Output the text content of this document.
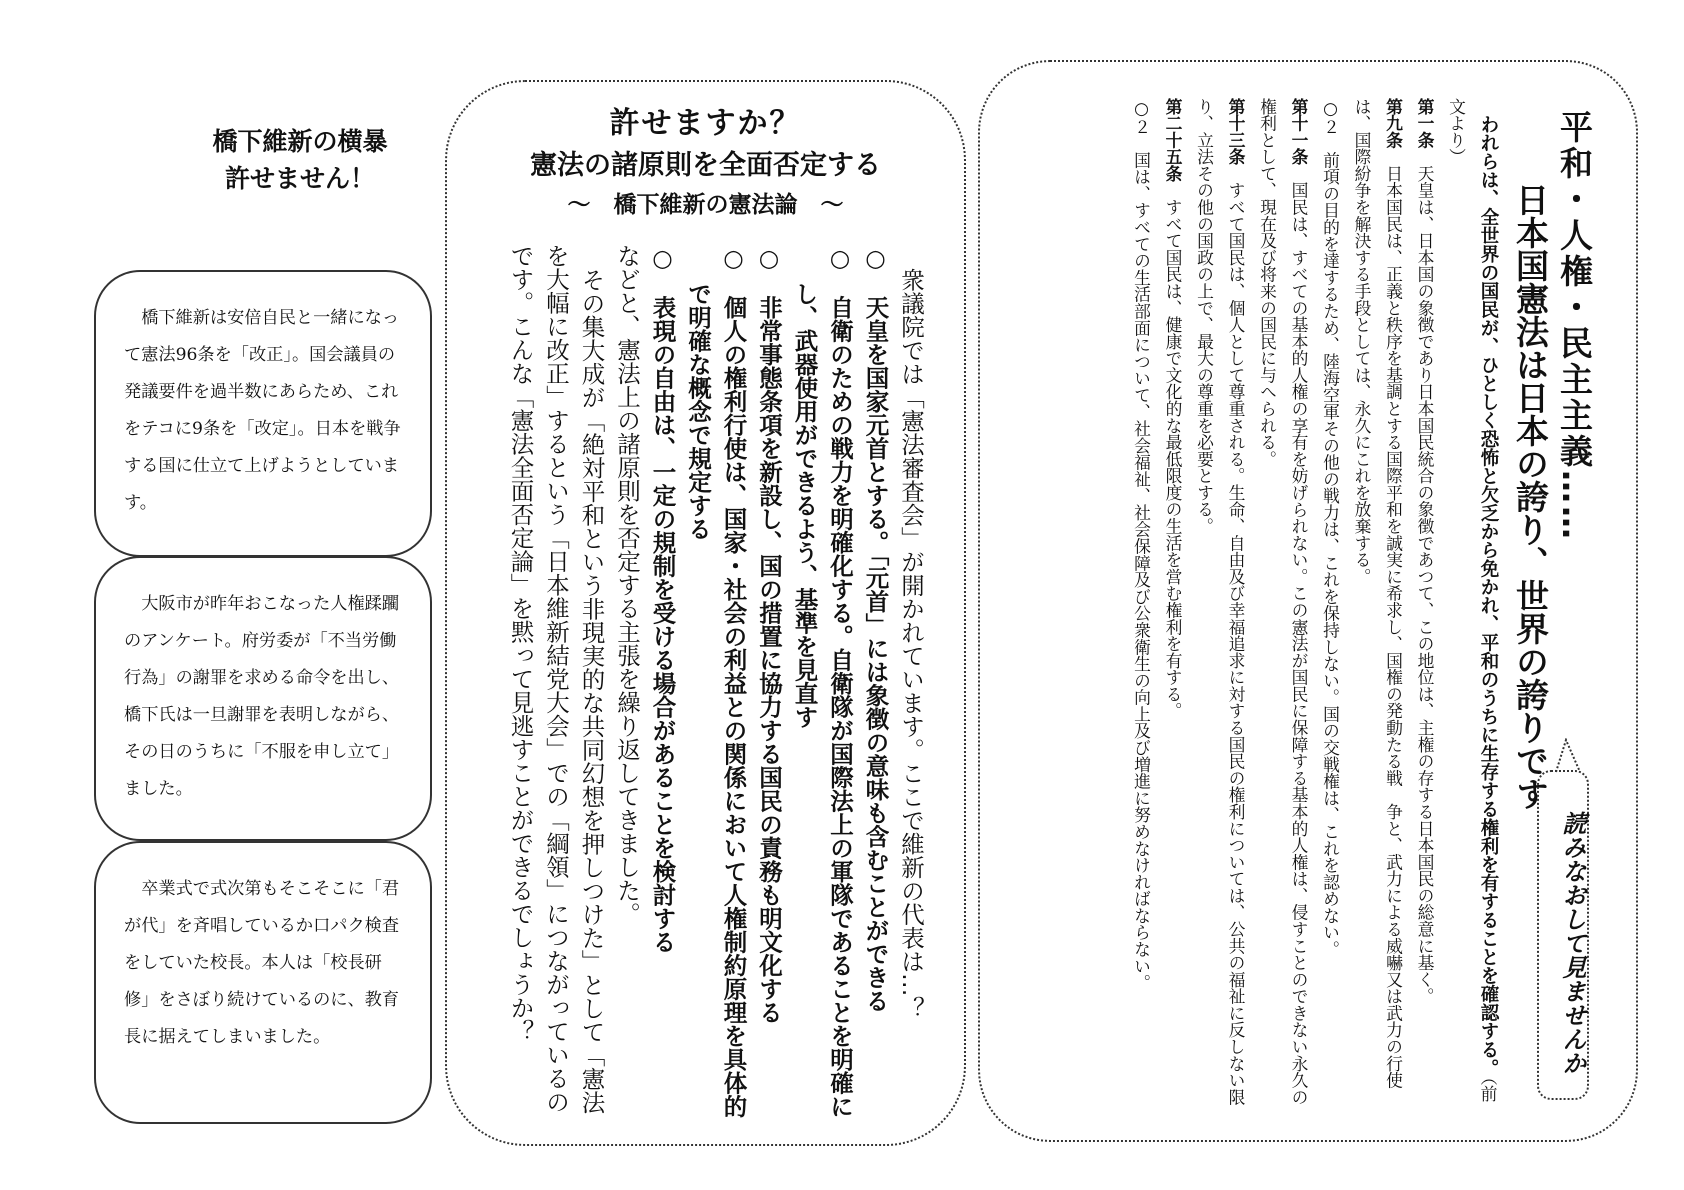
橋下維新の横暴
許せません！

橋下維新は安倍自民と一緒になって憲法96条を「改正」。国会議員の発議要件を過半数にあらため、これをテコに9条を「改定」。日本を戦争する国に仕立て上げようとしています。

大阪市が昨年おこなった人権蹂躙のアンケート。府労委が「不当労働行為」の謝罪を求める命令を出し、橋下氏は一旦謝罪を表明しながら、その日のうちに「不服を申し立て」ました。

卒業式で式次第もそこそこに「君が代」を斉唱しているか口パク検査をしていた校長。本人は「校長研修」をさぼり続けているのに、教育長に据えてしまいました。

許せますか？
憲法の諸原則を全面否定する
～　橋下維新の憲法論　～

衆議院では「憲法審査会」が開かれています。ここで維新の代表は…？

○　天皇を国家元首とする。「元首」には象徴の意味も含むことができる

○　自衛のための戦力を明確化する。自衛隊が国際法上の軍隊であることを明確にし、武器使用ができるよう、基準を見直す

○　非常事態条項を新設し、国の措置に協力する国民の責務も明文化する

○　個人の権利行使は、国家・社会の利益との関係において人権制約原理を具体的で明確な概念で規定する

○　表現の自由は、一定の規制を受ける場合があることを検討する

などと、憲法上の諸原則を否定する主張を繰り返してきました。

その集大成が「絶対平和という非現実的な共同幻想を押しつけた」として「憲法を大幅に改正」するという「日本維新結党大会」での「綱領」につながっているのです。こんな「憲法全面否定論」を黙って見逃すことができるでしょうか？	平和・人権・民主主義……

日本国憲法は日本の誇り、世界の誇りです

われらは、全世界の国民が、ひとしく恐怖と欠乏から免かれ、平和のうちに生存する権利を有することを確認する。（前文より）

第一条　天皇は、日本国の象徴であり日本国民統合の象徴であつて、この地位は、主権の存する日本国民の総意に基く。

第九条　日本国民は、正義と秩序を基調とする国際平和を誠実に希求し、国権の発動たる戦　争と、武力による威嚇又は武力の行使は、国際紛争を解決する手段としては、永久にこれを放棄する。

○２　前項の目的を達するため、陸海空軍その他の戦力は、これを保持しない。国の交戦権は、これを認めない。

第十一条　国民は、すべての基本的人権の享有を妨げられない。この憲法が国民に保障する基本的人権は、侵すことのできない永久の権利として、現在及び将来の国民に与へられる。

第十三条　すべて国民は、個人として尊重される。生命、自由及び幸福追求に対する国民の権利については、公共の福祉に反しない限り、立法その他の国政の上で、最大の尊重を必要とする。

第二十五条　すべて国民は、健康で文化的な最低限度の生活を営む権利を有する。

○２　国は、すべての生活部面について、社会福祉、社会保障及び公衆衛生の向上及び増進に努めなければならない。	読みなおして見ませんか
